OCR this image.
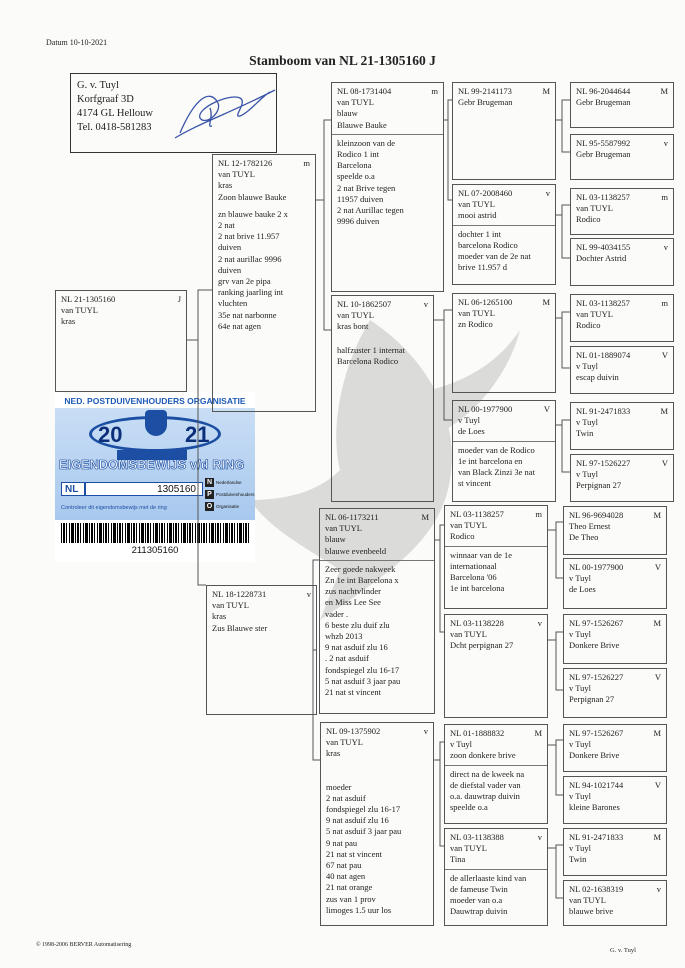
Datum 10-10-2021
Stamboom van NL 21-1305160 J
G. v. Tuyl
Korfgraaf 3D
4174 GL Hellouw
Tel. 0418-581283
NL 21-1305160	J
van TUYL
kras
NED. POSTDUIVENHOUDERS ORGANISATIE
20	21
EIGENDOMSBEWIJS v/d RING
NL	1305160
N Nederlandse
P Postduivenhouders
O Organisatie
Controleer dit eigendomsbewijs met de ring
211305160
NL 12-1782126	m
van TUYL
kras
Zoon blauwe Bauke
zn blauwe bauke 2 x
2 nat
2 nat brive 11.957
duiven
2 nat aurillac 9996
duiven
grv van 2e pipa
ranking jaarling int
vluchten
35e nat narbonne
64e nat agen
NL 18-1228731	v
van TUYL
kras
Zus Blauwe ster
NL 08-1731404	m
van TUYL
blauw
Blauwe Bauke
kleinzoon van de
Rodico 1 int
Barcelona
speelde o.a
2 nat Brive tegen
11957 duiven
2 nat Aurillac tegen
9996 duiven
NL 10-1862507	v
van TUYL
kras bont
halfzuster 1 internat
Barcelona Rodico
NL 06-1173211	M
van TUYL
blauw
blauwe evenbeeld
Zeer goede nakweek
Zn 1e int Barcelona x
zus nachtvlinder
en Miss Lee See
vader .
6 beste zlu duif zlu
whzb 2013
9 nat asduif zlu 16
. 2 nat asduif
fondspiegel zlu 16-17
5 nat asduif 3 jaar pau
21 nat st vincent
NL 09-1375902	v
van TUYL
kras
moeder
2 nat asduif
fondspiegel zlu 16-17
9 nat asduif zlu 16
5 nat asduif 3 jaar pau
9 nat pau
21 nat st vincent
67 nat pau
40 nat agen
21 nat orange
zus van 1 prov
limoges 1.5 uur los
NL 99-2141173	M
Gebr Brugeman
NL 07-2008460	v
van TUYL
mooi astrid
dochter 1 int
barcelona Rodico
moeder van de 2e nat
brive 11.957 d
NL 06-1265100	M
van TUYL
zn Rodico
NL 00-1977900	V
v Tuyl
de Loes
moeder van de Rodico
1e int barcelona en
van Black Zinzi 3e nat
st vincent
NL 03-1138257	m
van TUYL
Rodico
winnaar van de 1e
internationaal
Barcelona '06
1e int barcelona
NL 03-1138228	v
van TUYL
Dcht perpignan 27
NL 01-1888832	M
v Tuyl
zoon donkere brive
direct na de kweek na
de diefstal vader van
o.a. dauwtrap duivin
speelde o.a
NL 03-1138388	v
van TUYL
Tina
de allerlaaste kind van
de fameuse Twin
moeder van o.a
Dauwtrap duivin
NL 96-2044644	M
Gebr Brugeman
NL 95-5587992	v
Gebr Brugeman
NL 03-1138257	m
van TUYL
Rodico
NL 99-4034155	v
Dochter Astrid
NL 03-1138257	m
van TUYL
Rodico
NL 01-1889074	V
v Tuyl
escap duivin
NL 91-2471833	M
v Tuyl
Twin
NL 97-1526227	V
v Tuyl
Perpignan 27
NL 96-9694028	M
Theo Ernest
De Theo
NL 00-1977900	V
v Tuyl
de Loes
NL 97-1526267	M
v Tuyl
Donkere Brive
NL 97-1526227	V
v Tuyl
Perpignan 27
NL 97-1526267	M
v Tuyl
Donkere Brive
NL 94-1021744	V
v Tuyl
kleine Barones
NL 91-2471833	M
v Tuyl
Twin
NL 02-1638319	v
van TUYL
blauwe brive
© 1998-2006 BERVER Automatisering
G. v. Tuyl
